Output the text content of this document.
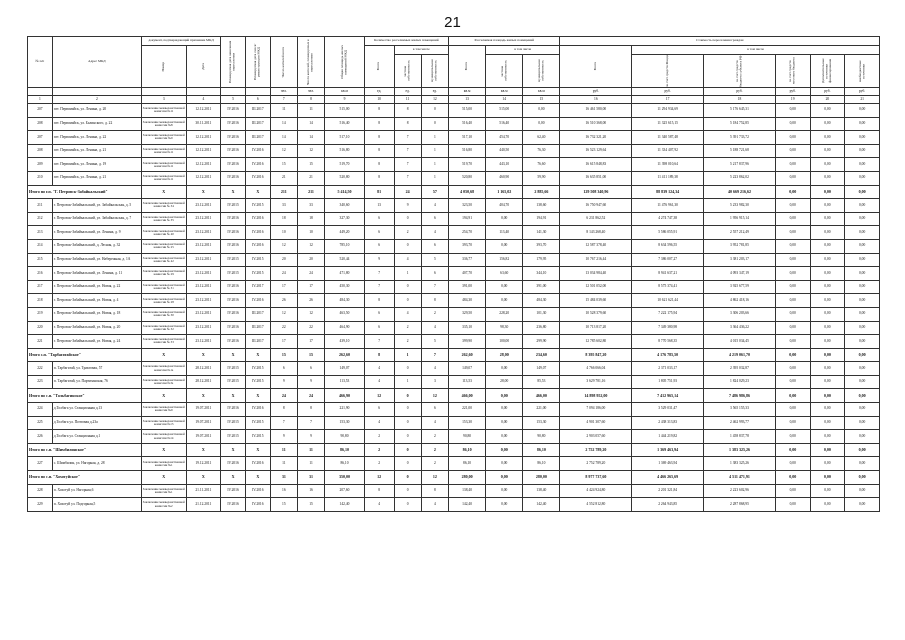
21
№ п/п	Адрес МКД	документ, подтверждающий признание МКД		Планируемая дата окончания переселения	Планируемая дата сноса/реконструкции МКД	Число жителей всего	Число жителей, планируемых к переселению	Общая площадь жилых помещений МКД	Количество расселяемых жилых помещений			Расселяемая площадь жилых помещений			Стоимость переселения граждан					

		Номер	Дата						Всего	в том числе		Всего	в том числе		Всего	в том числе				

										частная собственность	муниципальная собственность		частная собственность	муниципальная собственность		за счет средств Фонда	за счет средств бюджета субъекта РФ	за счет средств местного бюджета	Дополнительные источники финансирования	внебюджетные источники

						чел.	чел.	кв.м	ед.	ед.	ед.	кв.м	кв.м	кв.м	руб.	руб.	руб.	руб.	руб.	руб.
1	2	3	4	5	6	7	8	9	10	11	12	13	14	15	16	17	18	19	20	21
207	пгт. Первомайск, ул. Ленина, д. 20	Заключение межведомственной комиссии №11	12.12.2011	IV.2016	III.2017	11	11	515,00	8	8	0	515,00	515,00	0,00	16 461 580,00	11 294 934,69	5 176 645,31	0,00	0,00	0,00
208	пгт. Первомайск, ул. Балинского, д. 22	Заключение межведомственной комиссии №8	30.11.2011	IV.2016	III.2017	14	14	516,40	8	8	0	516,40	516,40	0,00	16 510 368,00	11 325 615,15	5 184 752,85	0,00	0,00	0,00
207	пгт. Первомайск, ул. Ленина, д. 22	Заключение межведомственной комиссии №9	12.12.2011	IV.2016	III.2017	14	14	517,10	8	7	1	517,10	454,70	62,40	16 732 321,20	11 340 587,48	5 391 733,72	0,00	0,00	0,00
208	пгт. Первомайск, ул. Ленина, д. 21	Заключение межведомственной комиссии №11	12.12.2011	IV.2016	IV.2016	12	12	516,80	8	7	1	516,80	440,50	76,30	16 523 129,64	11 334 407,92	5 188 721,68	0,00	0,00	0,00
209	пгт. Первомайск, ул. Ленина, д. 19	Заключение межведомственной комиссии №11	12.12.2011	IV.2016	IV.2016	15	15	519,70	8	7	1	519,70	443,10	76,60	16 615 848,83	11 398 010,64	5 217 837,96	0,00	0,00	0,00
210	пгт. Первомайск, ул. Ленина, д. 21	Заключение межведомственной комиссии №11	12.12.2011	IV.2016	IV.2016	21	21	520,80	8	7	1	520,80	460,90	59,90	16 635 851,00	11 411 189,38	5 223 862,02	0,00	0,00	0,00
Итого по г.п. "Г. Петровск-Забайкальский"		X	X	X	X	211	211	5 414,50	81	24	57	4 050,68	1 165,02	2 885,66	129 508 340,96	88 839 124,34	40 669 216,62	0,00	0,00	0,00
211	г. Петровск-Забайкальский, ул. Забайкальская, д. 5	Заключение межведомственной комиссии № 34	23.12.2011	IV.2015	IV.2015	33	33	340,60	13	9	4	323,50	404,70	138,60	16 750 947,60	11 476 961,30	5 233 982,30	0,00	0,00	0,00
212	г. Петровск-Забайкальский, ул. Забайкальская, д. 7	Заключение межведомственной комиссии № 35	23.12.2011	IV.2016	IV.2016	18	18	327,30	6	0	6	194,91	0,00	194,91	6 231 862,52	4 274 747,38	1 956 915,14	0,00	0,00	0,00
213	г. Петровск-Забайкальский, ул. Ленина, д. 9	Заключение межведомственной комиссии № 40	23.12.2011	IV.2016	IV.2016	10	10	449,20	6	2	4	254,70	113,40	141,30	8 143 268,40	5 586 055,91	2 557 212,49	0,00	0,00	0,00
214	г. Петровск-Забайкальский, д. Лесная, д. 32	Заключение межведомственной комиссии № 25	23.12.2011	IV.2016	IV.2016	12	12	785,10	6	0	6	393,70	0,00	393,70	12 587 378,40	8 634 596,55	3 952 781,85	0,00	0,00	0,00
215	г. Петровск-Забайкальский, ул. Набережная, д. 1А	Заключение межведомственной комиссии № 42	23.12.2011	IV.2015	IV.2015	20	20	520,44	9	4	5	336,77	156,82	179,95	10 767 216,44	7 386 007,27	3 381 203,17	0,00	0,00	0,00
216	г. Петровск-Забайкальский, ул. Ленина, д. 11	Заключение межведомственной комиссии № 29	23.12.2011	IV.2015	IV.2015	24	24	471,80	7	1	6	407,70	63,60	344,10	13 034 984,40	8 941 637,21	4 093 347,19	0,00	0,00	0,00
217	г. Петровск-Забайкальский, ул. Новая, д. 22	Заключение межведомственной комиссии № 31	23.12.2011	IV.2016	IV.2017	17	17	450,30	7	0	7	391,00	0,00	391,00	12 501 052,00	8 575 374,41	3 925 677,59	0,00	0,00	0,00
218	г. Петровск-Забайкальский, ул. Новая, д. 4	Заключение межведомственной комиссии № 28	23.12.2011	IV.2016	IV.2016	26	26	484,30	8	0	8	484,30	0,00	484,30	15 484 039,60	10 621 621,44	4 862 418,16	0,00	0,00	0,00
219	г. Петровск-Забайкальский, ул. Новая, д. 18	Заключение межведомственной комиссии № 30	23.12.2011	IV.2016	III.2017	12	12	463,50	6	4	2	329,50	228,20	101,30	10 528 379,60	7 222 175,94	3 306 203,66	0,00	0,00	0,00
220	г. Петровск-Забайкальский, ул. Новая, д. 20	Заключение межведомственной комиссии № 32	23.12.2011	IV.2016	III.2017	22	22	464,90	6	2	4	335,10	98,30	236,80	10 713 817,20	7 349 380,98	3 364 436,22	0,00	0,00	0,00
221	г. Петровск-Забайкальский, ул. Новая, д. 24	Заключение межведомственной комиссии № 33	23.12.2011	IV.2016	III.2017	17	17	439,10	7	2	5	399,90	100,00	299,90	12 785 602,80	8 770 568,35	4 015 034,45	0,00	0,00	0,00
Итого с.п. "Тарбагатайское"		X	X	X	X	15	15	262,60	8	1	7	262,60	28,00	234,60	8 395 847,20	4 176 785,50	4 219 061,70	0,00	0,00	0,00
222	п. Тарбагатай, ул. Трактовая, 57	Заключение межведомственной комиссии №1а	28.12.2011	IV.2015	IV.2015	6	6	149,07	4	0	4	149,07	0,00	149,07	4 766 066,04	2 371 033,17	2 395 032,87	0,00	0,00	0,00
223	п. Тарбагатай, ул. Партизанская, 76	Заключение межведомственной комиссии №3а	28.12.2011	IV.2015	IV.2015	9	9	113,53	4	1	3	113,53	28,00	85,53	3 629 781,16	1 805 751,93	1 824 029,23	0,00	0,00	0,00
Итого по с.п. "Тольбагинское"		X	X	X	X	24	24	466,90	12	0	12	466,00	0,00	466,00	14 898 952,00	7 412 965,14	7 486 986,86	0,00	0,00	0,00
224	д.Толбага ул. Станционная д.13	Заключение межведомственной комиссии №9	19.07.2011	IV.2016	IV.2016	8	8	221,90	6	0	6	221,00	0,00	221,00	7 094 186,00	3 529 031,47	3 565 155,33	0,00	0,00	0,00
225	д.Толбага ул. Почтовая д.23а	Заключение межведомственной комиссии №13	19.07.2011	IV.2015	IV.2015	7	7	153,30	4	0	4	153,30	0,00	153,30	4 901 307,60	2 438 313,83	2 462 993,77	0,00	0,00	0,00
226	д.Толбага ул. Станционная д.1	Заключение межведомственной комиссии №14	19.07.2011	IV.2015	IV.2015	9	9	90,80	2	0	2	90,80	0,00	90,80	2 903 057,60	1 444 219,82	1 458 837,78	0,00	0,00	0,00
Итого по с.п. "Шимбилинское"		X	X	X	X	11	11	86,10	2	0	2	86,10	0,00	86,10	2 752 789,20	1 369 463,94	1 383 325,26	0,00	0,00	0,00
227	с. Шимбилик, ул. Нагорная, д. 28	Заключение межведомственной комиссии №1	19.12.2011	IV.2016	IV.2016	11	11	86,10	2	0	2	86,10	0,00	86,10	2 752 789,20	1 369 463,94	1 383 325,26	0,00	0,00	0,00
Итого по с.п. "Хохотуйское"		X	X	X	X	31	31	350,00	12	0	12	280,00	0,00	280,00	8 977 737,60	4 466 265,69	4 511 471,91	0,00	0,00	0,00
228	п. Хохотуй ул. Нагорная,6	Заключение межведомственной комиссии №1	21.11.2011	IV.2016	IV.2016	16	16	207,60	8	0	8	138,40	0,00	138,40	4 424 924,80	2 201 321,84	2 223 602,96	0,00	0,00	0,00
229	п. Хохотуй ул. Подгорная,5	Заключение межведомственной комиссии №2	21.12.2011	IV.2016	IV.2016	15	15	142,40	4	0	4	142,40	0,00	142,40	4 552 812,80	2 264 943,85	2 287 868,95	0,00	0,00	0,00
